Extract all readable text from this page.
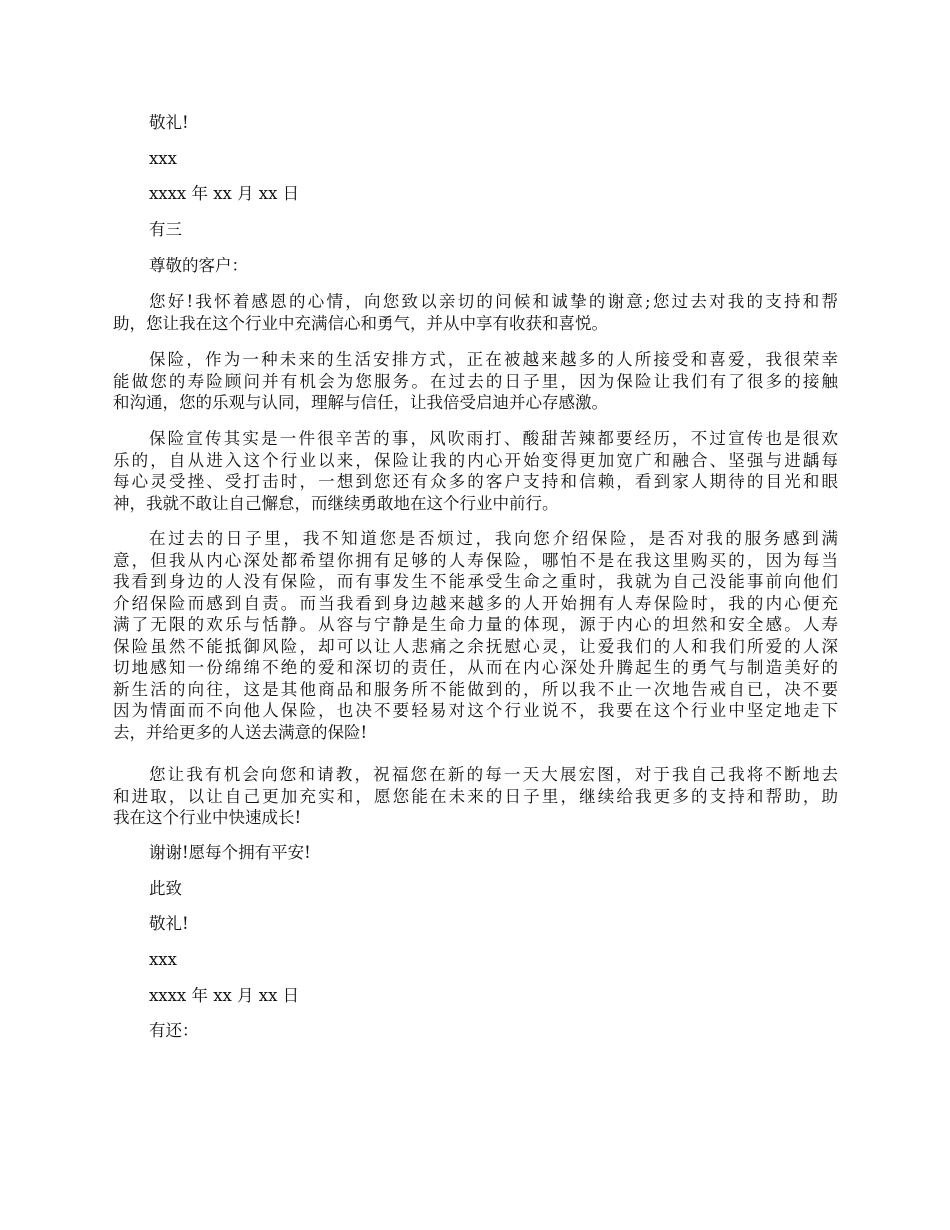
敬礼!
xxx
xxxx 年 xx 月 xx 日
有三
尊敬的客户：
您好!我怀着感恩的心情，向您致以亲切的问候和诚挚的谢意;您过去对我的支持和帮
助，您让我在这个行业中充满信心和勇气，并从中享有收获和喜悦。
保险，作为一种未来的生活安排方式，正在被越来越多的人所接受和喜爱，我很荣幸
能做您的寿险顾问并有机会为您服务。在过去的日子里，因为保险让我们有了很多的接触
和沟通，您的乐观与认同，理解与信任，让我倍受启迪并心存感激。
保险宣传其实是一件很辛苦的事，风吹雨打、酸甜苦辣都要经历，不过宣传也是很欢
乐的，自从进入这个行业以来，保险让我的内心开始变得更加宽广和融合、坚强与进龋每
每心灵受挫、受打击时，一想到您还有众多的客户支持和信赖，看到家人期待的目光和眼
神，我就不敢让自己懈怠，而继续勇敢地在这个行业中前行。
在过去的日子里，我不知道您是否烦过，我向您介绍保险，是否对我的服务感到满
意，但我从内心深处都希望你拥有足够的人寿保险，哪怕不是在我这里购买的，因为每当
我看到身边的人没有保险，而有事发生不能承受生命之重时，我就为自己没能事前向他们
介绍保险而感到自责。而当我看到身边越来越多的人开始拥有人寿保险时，我的内心便充
满了无限的欢乐与恬静。从容与宁静是生命力量的体现，源于内心的坦然和安全感。人寿
保险虽然不能抵御风险，却可以让人悲痛之余抚慰心灵，让爱我们的人和我们所爱的人深
切地感知一份绵绵不绝的爱和深切的责任，从而在内心深处升腾起生的勇气与制造美好的
新生活的向往，这是其他商品和服务所不能做到的，所以我不止一次地告戒自已，决不要
因为情面而不向他人保险，也决不要轻易对这个行业说不，我要在这个行业中坚定地走下
去，并给更多的人送去满意的保险!
您让我有机会向您和请教，祝福您在新的每一天大展宏图，对于我自己我将不断地去
和进取，以让自己更加充实和，愿您能在未来的日子里，继续给我更多的支持和帮助，助
我在这个行业中快速成长!
谢谢!愿每个拥有平安!
此致
敬礼!
xxx
xxxx 年 xx 月 xx 日
有还：
